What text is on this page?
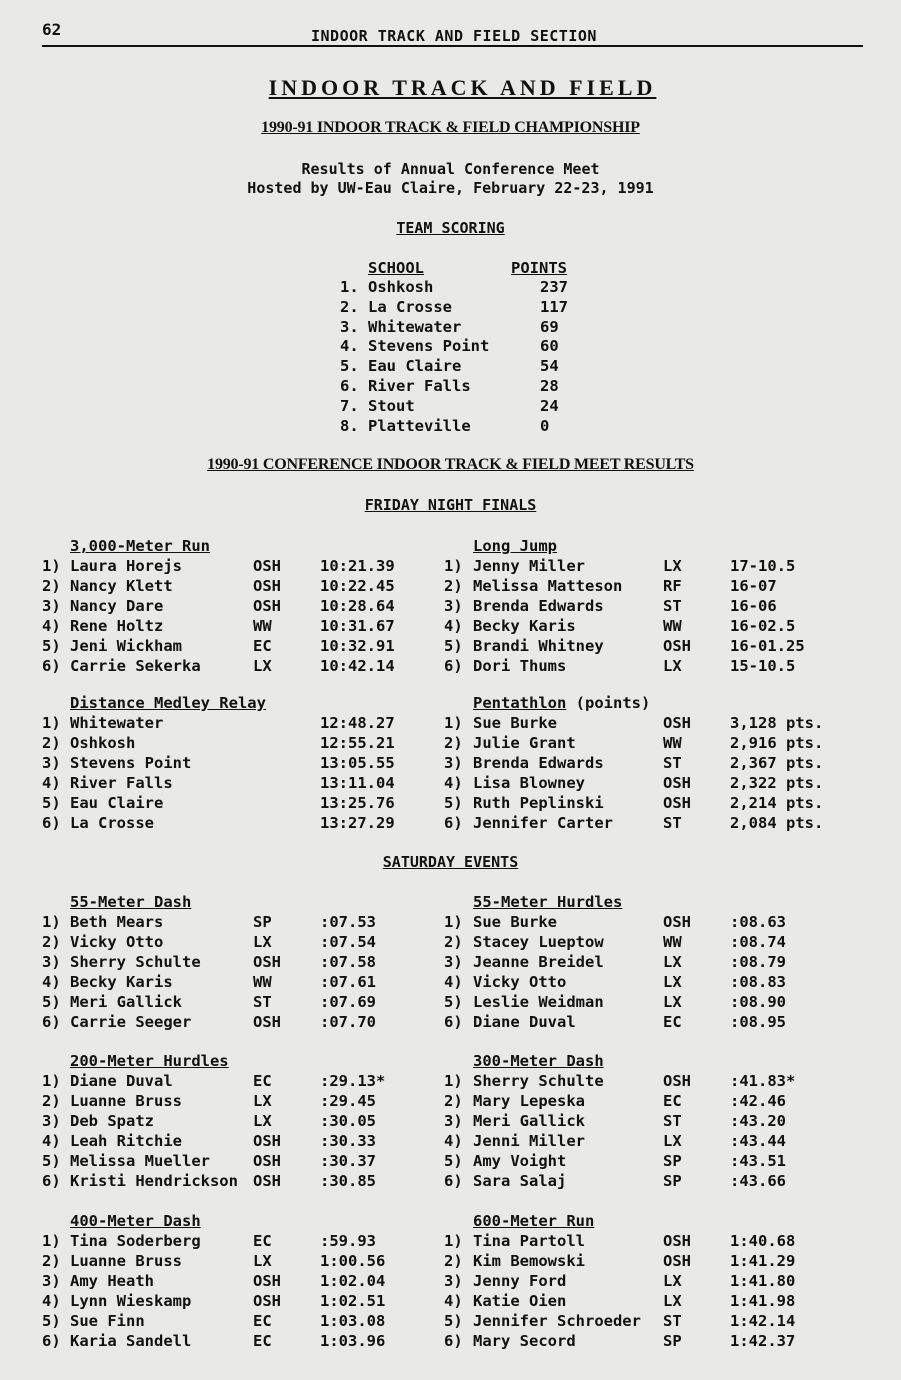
62	INDOOR TRACK AND FIELD SECTION
INDOOR TRACK AND FIELD
1990-91 INDOOR TRACK & FIELD CHAMPIONSHIP
Results of Annual Conference Meet
Hosted by UW-Eau Claire, February 22-23, 1991
TEAM SCORING
SCHOOL	POINTS
1. Oshkosh	237
2. La Crosse	117
3. Whitewater	69
4. Stevens Point	60
5. Eau Claire	54
6. River Falls	28
7. Stout	24
8. Platteville	0
1990-91 CONFERENCE INDOOR TRACK & FIELD MEET RESULTS
FRIDAY NIGHT FINALS
SATURDAY EVENTS
3,000-Meter Run
1) Laura Horejs	OSH	10:21.39
2) Nancy Klett	OSH	10:22.45
3) Nancy Dare	OSH	10:28.64
4) Rene Holtz	WW	10:31.67
5) Jeni Wickham	EC	10:32.91
6) Carrie Sekerka	LX	10:42.14
Long Jump
1) Jenny Miller	LX	17-10.5
2) Melissa Matteson	RF	16-07
3) Brenda Edwards	ST	16-06
4) Becky Karis	WW	16-02.5
5) Brandi Whitney	OSH	16-01.25
6) Dori Thums	LX	15-10.5
Distance Medley Relay
1) Whitewater	12:48.27
2) Oshkosh	12:55.21
3) Stevens Point	13:05.55
4) River Falls	13:11.04
5) Eau Claire	13:25.76
6) La Crosse	13:27.29
Pentathlon (points)
1) Sue Burke	OSH	3,128 pts.
2) Julie Grant	WW	2,916 pts.
3) Brenda Edwards	ST	2,367 pts.
4) Lisa Blowney	OSH	2,322 pts.
5) Ruth Peplinski	OSH	2,214 pts.
6) Jennifer Carter	ST	2,084 pts.
55-Meter Dash
1) Beth Mears	SP	:07.53
2) Vicky Otto	LX	:07.54
3) Sherry Schulte	OSH	:07.58
4) Becky Karis	WW	:07.61
5) Meri Gallick	ST	:07.69
6) Carrie Seeger	OSH	:07.70
55-Meter Hurdles
1) Sue Burke	OSH	:08.63
2) Stacey Lueptow	WW	:08.74
3) Jeanne Breidel	LX	:08.79
4) Vicky Otto	LX	:08.83
5) Leslie Weidman	LX	:08.90
6) Diane Duval	EC	:08.95
200-Meter Hurdles
1) Diane Duval	EC	:29.13*
2) Luanne Bruss	LX	:29.45
3) Deb Spatz	LX	:30.05
4) Leah Ritchie	OSH	:30.33
5) Melissa Mueller	OSH	:30.37
6) Kristi Hendrickson OSH	:30.85
300-Meter Dash
1) Sherry Schulte	OSH	:41.83*
2) Mary Lepeska	EC	:42.46
3) Meri Gallick	ST	:43.20
4) Jenni Miller	LX	:43.44
5) Amy Voight	SP	:43.51
6) Sara Salaj	SP	:43.66
400-Meter Dash
1) Tina Soderberg	EC	:59.93
2) Luanne Bruss	LX	1:00.56
3) Amy Heath	OSH	1:02.04
4) Lynn Wieskamp	OSH	1:02.51
5) Sue Finn	EC	1:03.08
6) Karia Sandell	EC	1:03.96
600-Meter Run
1) Tina Partoll	OSH	1:40.68
2) Kim Bemowski	OSH	1:41.29
3) Jenny Ford	LX	1:41.80
4) Katie Oien	LX	1:41.98
5) Jennifer Schroeder ST	1:42.14
6) Mary Secord	SP	1:42.37
